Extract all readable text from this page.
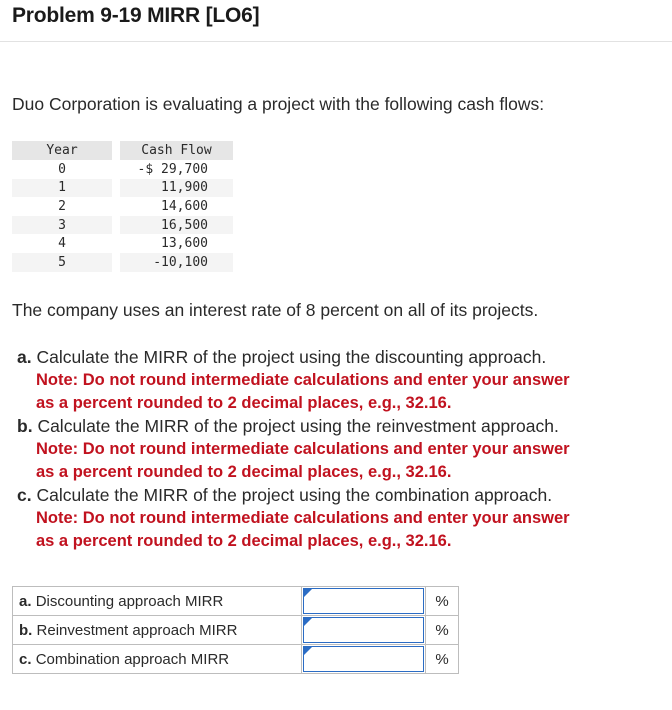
Problem 9-19 MIRR [LO6]
Duo Corporation is evaluating a project with the following cash flows:
Year		Cash Flow
0		-$ 29,700
1		11,900
2		14,600
3		16,500
4		13,600
5		-10,100
The company uses an interest rate of 8 percent on all of its projects.
a. Calculate the MIRR of the project using the discounting approach.
Note: Do not round intermediate calculations and enter your answer
as a percent rounded to 2 decimal places, e.g., 32.16.
b. Calculate the MIRR of the project using the reinvestment approach.
Note: Do not round intermediate calculations and enter your answer
as a percent rounded to 2 decimal places, e.g., 32.16.
c. Calculate the MIRR of the project using the combination approach.
Note: Do not round intermediate calculations and enter your answer
as a percent rounded to 2 decimal places, e.g., 32.16.
a. Discounting approach MIRR		%
b. Reinvestment approach MIRR		%
c. Combination approach MIRR		%
